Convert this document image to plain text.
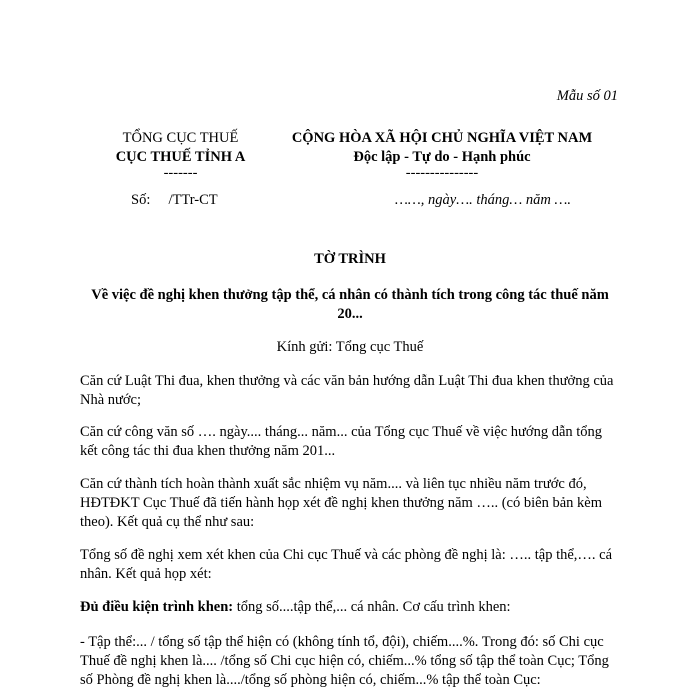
Mẫu số 01
TỔNG CỤC THUẾ
CỤC THUẾ TỈNH A
-------
CỘNG HÒA XÃ HỘI CHỦ NGHĨA VIỆT NAM
Độc lập - Tự do - Hạnh phúc
---------------
Số:     /TTr-CT	……, ngày…. tháng… năm ….
TỜ TRÌNH
Về việc đề nghị khen thưởng tập thể, cá nhân có thành tích trong công tác thuế năm 20...
Kính gửi: Tổng cục Thuế
Căn cứ Luật Thi đua, khen thưởng và các văn bản hướng dẫn Luật Thi đua khen thưởng của Nhà nước;
Căn cứ công văn số …. ngày.... tháng... năm... của Tổng cục Thuế về việc hướng dẫn tổng kết công tác thi đua khen thưởng năm 201...
Căn cứ thành tích hoàn thành xuất sắc nhiệm vụ năm.... và liên tục nhiều năm trước đó, HĐTĐKT Cục Thuế đã tiến hành họp xét đề nghị khen thưởng năm ….. (có biên bản kèm theo). Kết quả cụ thể như sau:
Tổng số đề nghị xem xét khen của Chi cục Thuế và các phòng đề nghị là: ….. tập thể,…. cá nhân. Kết quả họp xét:
Đủ điều kiện trình khen: tổng số....tập thể,... cá nhân. Cơ cấu trình khen:
- Tập thể:... / tổng số tập thể hiện có (không tính tổ, đội), chiếm....%. Trong đó: số Chi cục Thuế đề nghị khen là.... /tổng số Chi cục hiện có, chiếm...% tổng số tập thể toàn Cục; Tổng số Phòng đề nghị khen là..../tổng số phòng hiện có, chiếm...% tập thể toàn Cục:
